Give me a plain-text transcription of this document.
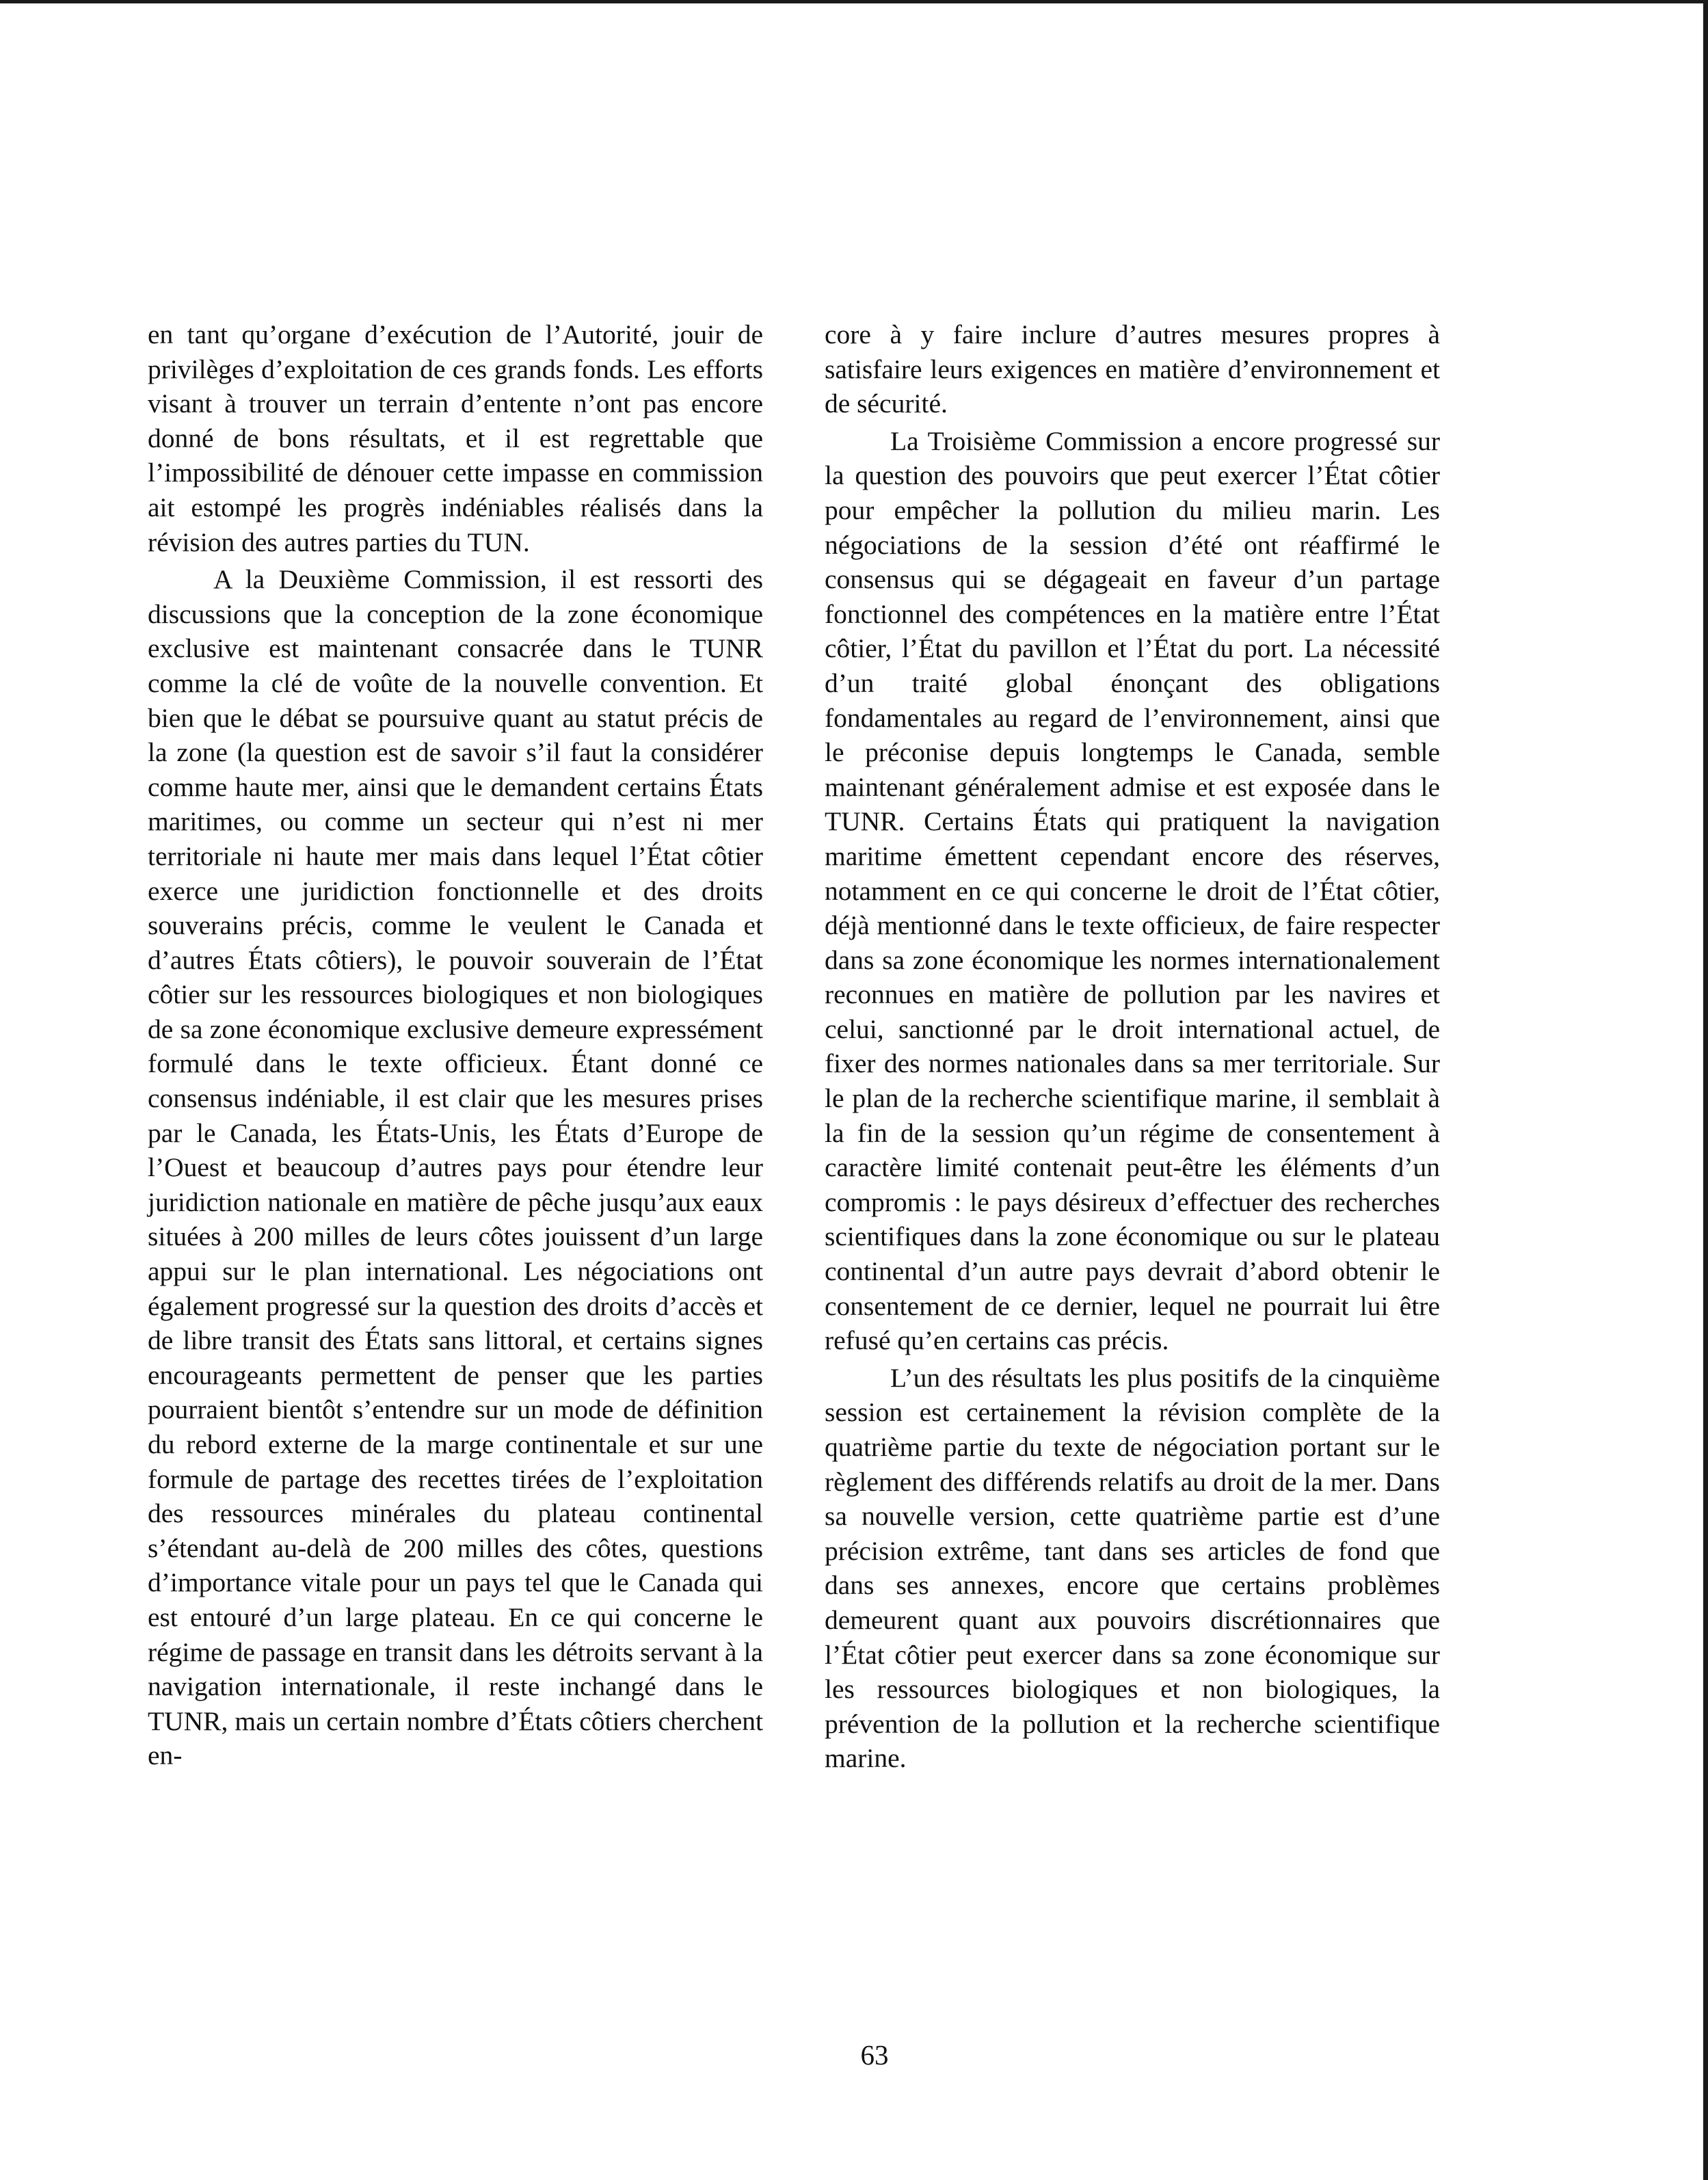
en tant qu’organe d’exécution de l’Autorité, jouir de privilèges d’exploitation de ces grands fonds. Les efforts visant à trouver un terrain d’entente n’ont pas encore donné de bons résultats, et il est regrettable que l’impossibilité de dénouer cette impasse en commission ait estompé les progrès indéniables réalisés dans la révision des autres parties du TUN.

A la Deuxième Commission, il est ressorti des discussions que la conception de la zone économique exclusive est maintenant consacrée dans le TUNR comme la clé de voûte de la nouvelle convention. Et bien que le débat se poursuive quant au statut précis de la zone (la question est de savoir s’il faut la considérer comme haute mer, ainsi que le demandent certains États maritimes, ou comme un secteur qui n’est ni mer territoriale ni haute mer mais dans lequel l’État côtier exerce une juridiction fonctionnelle et des droits souverains précis, comme le veulent le Canada et d’autres États côtiers), le pouvoir souverain de l’État côtier sur les ressources biologiques et non biologiques de sa zone économique exclusive demeure expressément formulé dans le texte officieux. Étant donné ce consensus indéniable, il est clair que les mesures prises par le Canada, les États-Unis, les États d’Europe de l’Ouest et beaucoup d’autres pays pour étendre leur juridiction nationale en matière de pêche jusqu’aux eaux situées à 200 milles de leurs côtes jouissent d’un large appui sur le plan international. Les négociations ont également progressé sur la question des droits d’accès et de libre transit des États sans littoral, et certains signes encourageants permettent de penser que les parties pourraient bientôt s’entendre sur un mode de définition du rebord externe de la marge continentale et sur une formule de partage des recettes tirées de l’exploitation des ressources minérales du plateau continental s’étendant au-delà de 200 milles des côtes, questions d’importance vitale pour un pays tel que le Canada qui est entouré d’un large plateau. En ce qui concerne le régime de passage en transit dans les détroits servant à la navigation internationale, il reste inchangé dans le TUNR, mais un certain nombre d’États côtiers cherchent en-

core à y faire inclure d’autres mesures propres à satisfaire leurs exigences en matière d’environnement et de sécurité.

La Troisième Commission a encore progressé sur la question des pouvoirs que peut exercer l’État côtier pour empêcher la pollution du milieu marin. Les négociations de la session d’été ont réaffirmé le consensus qui se dégageait en faveur d’un partage fonctionnel des compétences en la matière entre l’État côtier, l’État du pavillon et l’État du port. La nécessité d’un traité global énonçant des obligations fondamentales au regard de l’environnement, ainsi que le préconise depuis longtemps le Canada, semble maintenant généralement admise et est exposée dans le TUNR. Certains États qui pratiquent la navigation maritime émettent cependant encore des réserves, notamment en ce qui concerne le droit de l’État côtier, déjà mentionné dans le texte officieux, de faire respecter dans sa zone économique les normes internationalement reconnues en matière de pollution par les navires et celui, sanctionné par le droit international actuel, de fixer des normes nationales dans sa mer territoriale. Sur le plan de la recherche scientifique marine, il semblait à la fin de la session qu’un régime de consentement à caractère limité contenait peut-être les éléments d’un compromis : le pays désireux d’effectuer des recherches scientifiques dans la zone économique ou sur le plateau continental d’un autre pays devrait d’abord obtenir le consentement de ce dernier, lequel ne pourrait lui être refusé qu’en certains cas précis.

L’un des résultats les plus positifs de la cinquième session est certainement la révision complète de la quatrième partie du texte de négociation portant sur le règlement des différends relatifs au droit de la mer. Dans sa nouvelle version, cette quatrième partie est d’une précision extrême, tant dans ses articles de fond que dans ses annexes, encore que certains problèmes demeurent quant aux pouvoirs discrétionnaires que l’État côtier peut exercer dans sa zone économique sur les ressources biologiques et non biologiques, la prévention de la pollution et la recherche scientifique marine.

63
